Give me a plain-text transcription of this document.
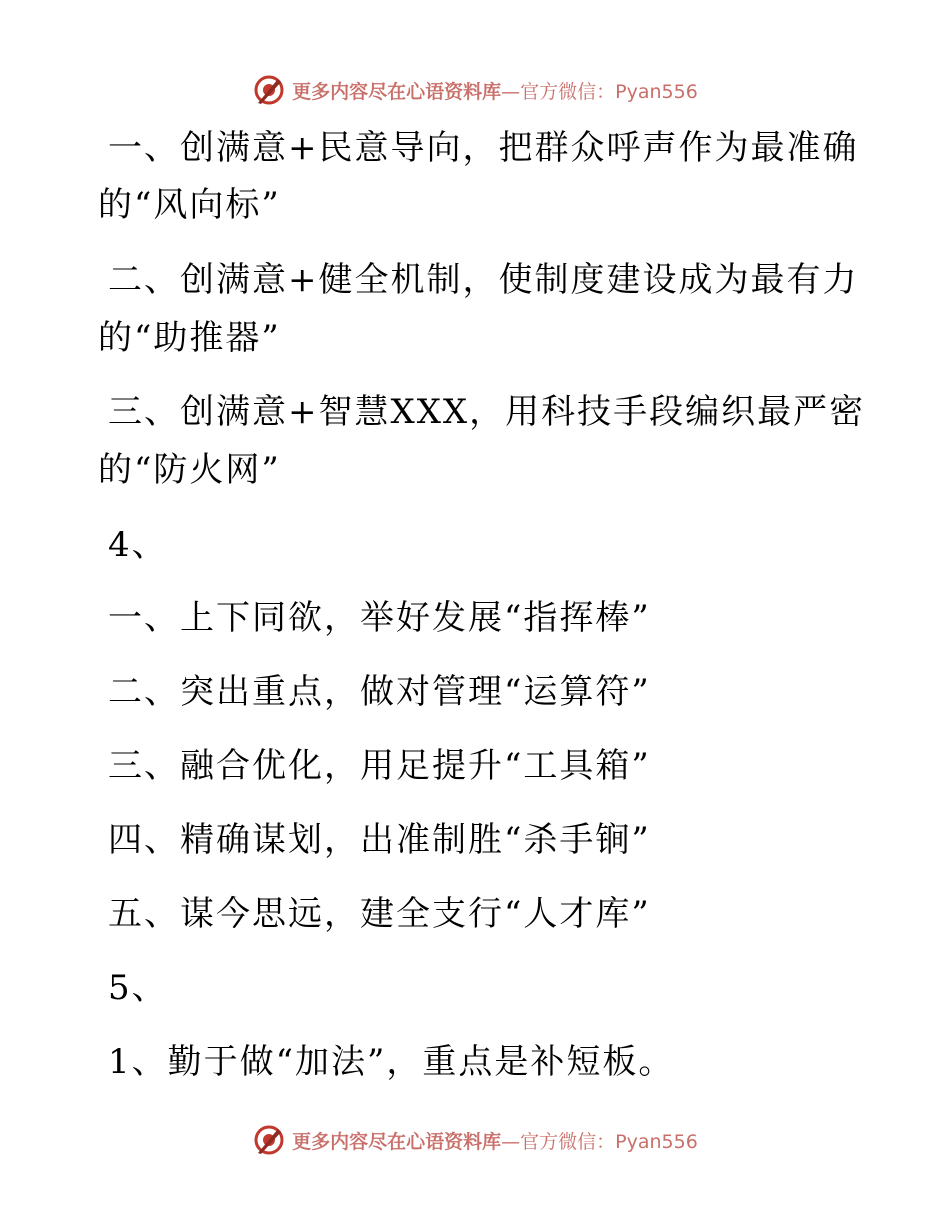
更多内容尽在心语资料库—官方微信：Pyan556
一、创满意+民意导向，把群众呼声作为最准确
的“风向标”
二、创满意+健全机制，使制度建设成为最有力
的“助推器”
三、创满意+智慧XXX，用科技手段编织最严密
的“防火网”
4、
一、上下同欲，举好发展“指挥棒”
二、突出重点，做对管理“运算符”
三、融合优化，用足提升“工具箱”
四、精确谋划，出准制胜“杀手锏”
五、谋今思远，建全支行“人才库”
5、
1、勤于做“加法”，重点是补短板。
更多内容尽在心语资料库—官方微信：Pyan556
